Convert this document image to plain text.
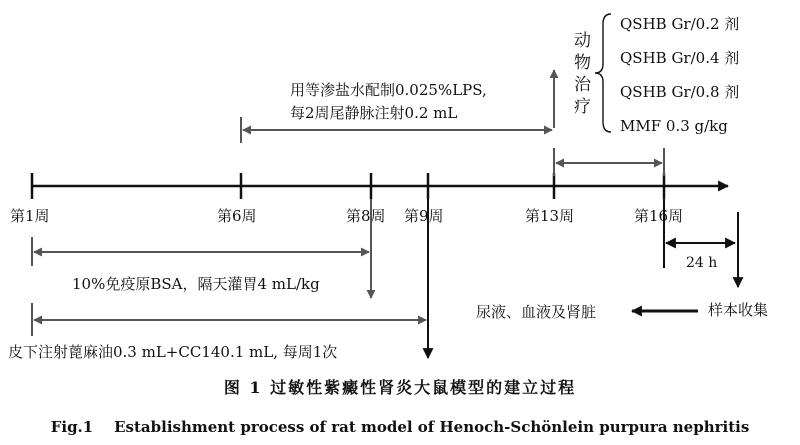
第1周	第6周	第8周 第9周	第13周	第16周
用等渗盐水配制0.025%LPS,
每2周尾静脉注射0.2 mL
动
物
治
疗
QSHB Gr/0.2 剂
QSHB Gr/0.4 剂
QSHB Gr/0.8 剂
MMF 0.3 g/kg
10%免疫原BSA，隔天灌胃4 mL/kg
皮下注射蓖麻油0.3 mL+CC140.1 mL, 每周1次
24 h
样本收集
尿液、血液及肾脏
图 1 过敏性紫癜性肾炎大鼠模型的建立过程
Fig.1    Establishment process of rat model of Henoch-Schönlein purpura nephritis
